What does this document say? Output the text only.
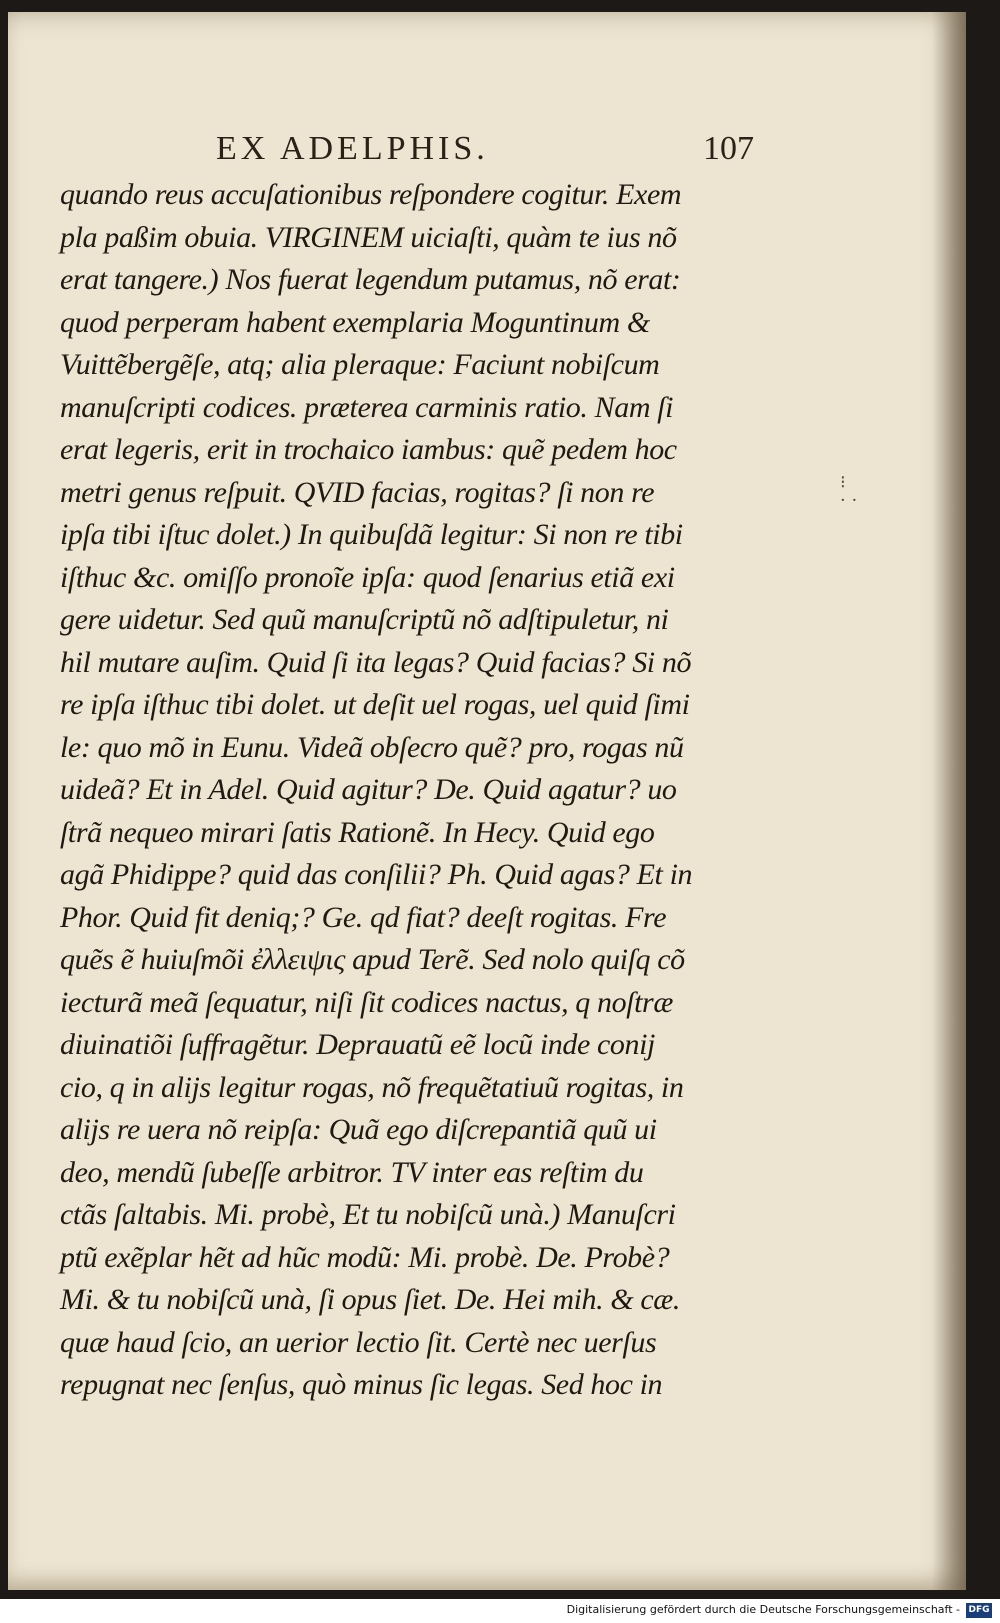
EX ADELPHIS.	107
quando reus accuſationibus reſpondere cogitur. Exem
pla paßim obuia. VIRGINEM uiciaſti, quàm te ius nõ
erat tangere.) Nos fuerat legendum putamus, nõ erat:
quod perperam habent exemplaria Moguntinum &
Vuittẽbergẽſe, atq; alia pleraque: Faciunt nobiſcum
manuſcripti codices. præterea carminis ratio. Nam ſi
erat legeris, erit in trochaico iambus: quẽ pedem hoc
metri genus reſpuit. QVID facias, rogitas? ſi non re
ipſa tibi iſtuc dolet.) In quibuſdã legitur: Si non re tibi
iſthuc &c. omiſſo pronoĩe ipſa: quod ſenarius etiã exi
gere uidetur. Sed quũ manuſcriptũ nõ adſtipuletur, ni
hil mutare auſim. Quid ſi ita legas? Quid facias? Si nõ
re ipſa iſthuc tibi dolet. ut deſit uel rogas, uel quid ſimi
le: quo mõ in Eunu. Videã obſecro quẽ? pro, rogas nũ
uideã? Et in Adel. Quid agitur? De. Quid agatur? uo
ſtrã nequeo mirari ſatis Rationẽ. In Hecy. Quid ego
agã Phidippe? quid das conſilii? Ph. Quid agas? Et in
Phor. Quid fit deniq;? Ge. qd fiat? deeſt rogitas. Fre
quẽs ẽ huiuſmõi ἐλλειψις apud Terẽ. Sed nolo quiſq cõ
iecturã meã ſequatur, niſi ſit codices nactus, q noſtræ
diuinatiõi ſuffragẽtur. Deprauatũ eẽ locũ inde conij
cio, q in alijs legitur rogas, nõ frequẽtatiuũ rogitas, in
alijs re uera nõ reipſa: Quã ego diſcrepantiã quũ ui
deo, mendũ ſubeſſe arbitror. TV inter eas reſtim du
ctãs ſaltabis. Mi. probè, Et tu nobiſcũ unà.) Manuſcri
ptũ exẽplar hẽt ad hũc modũ: Mi. probè. De. Probè?
Mi. & tu nobiſcũ unà, ſi opus ſiet. De. Hei mih. & cæ.
quæ haud ſcio, an uerior lectio ſit. Certè nec uerſus
repugnat nec ſenſus, quò minus ſic legas. Sed hoc in
⁝
· ·
Digitalisierung gefördert durch die Deutsche Forschungsgemeinschaft - DFG
